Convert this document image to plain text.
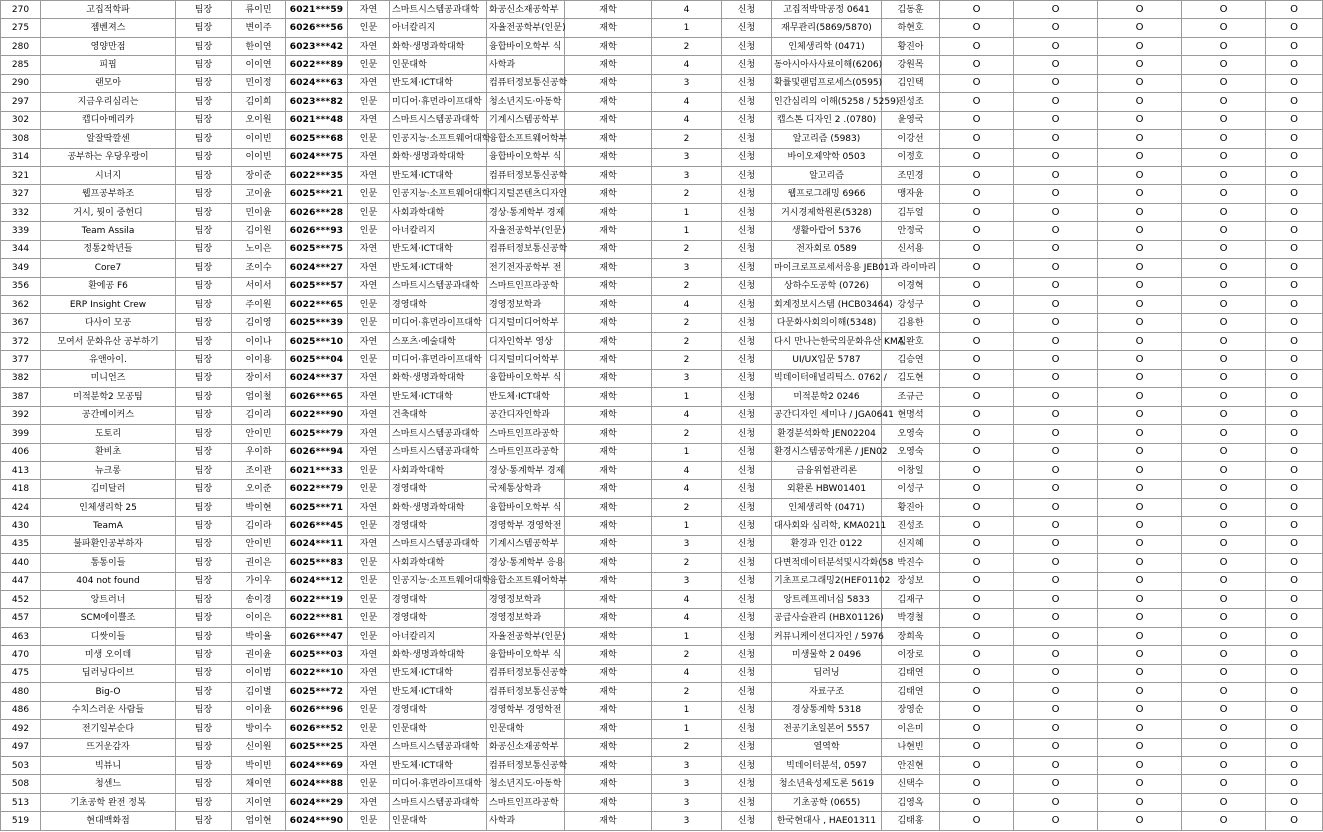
270	고집적학파	팀장	류이민	6021***59	자연	스마트시스템공과대학	화공신소재공학부	재학	4	신청	고집적박막공정 0641	김동훈	O	O	O	O	O
275	젬벤져스	팀장	변이주	6026***56	인문	아너칼리지	자율전공학부(인문)	재학	1	신청	재무관리(5869/5870)	하현호	O	O	O	O	O
280	영양만점	팀장	한이연	6023***42	자연	화학·생명과학대학	융합바이오학부 식	재학	2	신청	인체생리학 (0471)	황진아	O	O	O	O	O
285	피핍	팀장	이이연	6022***89	인문	인문대학	사학과	재학	4	신청	동아시아사사료이해(6206)	강원목	O	O	O	O	O
290	랜모아	팀장	민이정	6024***63	자연	반도체·ICT대학	컴퓨터정보통신공학	재학	3	신청	확률및랜덤프로세스(0595)	김인택	O	O	O	O	O
297	지금우리심리는	팀장	김이희	6023***82	인문	미디어·휴먼라이프대학	청소년지도·아동학	재학	4	신청	인간심리의 이해(5258 / 5259)	진성조	O	O	O	O	O
302	캡디아메리카	팀장	오이원	6021***48	자연	스마트시스템공과대학	기계시스템공학부	재학	4	신청	캡스톤 디자인 2 .(0780)	윤영국	O	O	O	O	O
308	알잘딱깔센	팀장	이이빈	6025***68	인문	인공지능·소프트웨어대학	융합소프트웨어학부	재학	2	신청	알고리즘 (5983)	이강선	O	O	O	O	O
314	공부하는 우당우랑이	팀장	이이빈	6024***75	자연	화학·생명과학대학	융합바이오학부 식	재학	3	신청	바이오제약학 0503	이정호	O	O	O	O	O
321	시너지	팀장	장이준	6022***35	자연	반도체·ICT대학	컴퓨터정보통신공학	재학	3	신청	알고리즘	조민경	O	O	O	O	O
327	웹프공부하조	팀장	고이윤	6025***21	인문	인공지능·소프트웨어대학	디지털콘텐츠디자인	재학	2	신청	웹프로그래밍 6966	맹자윤	O	O	O	O	O
332	거시, 뭣이 중헌디	팀장	민이윤	6026***28	인문	사회과학대학	경상·통계학부 경제	재학	1	신청	거시경제학원론(5328)	김두얼	O	O	O	O	O
339	Team Assila	팀장	김이원	6026***93	인문	아너칼리지	자율전공학부(인문)	재학	1	신청	생활아랍어 5376	안정국	O	O	O	O	O
344	정통2학년들	팀장	노이은	6025***75	자연	반도체·ICT대학	컴퓨터정보통신공학	재학	2	신청	전자회로 0589	신서용	O	O	O	O	O
349	Core7	팀장	조이수	6024***27	자연	반도체·ICT대학	전기전자공학부 전	재학	3	신청	마이크로프로세서응용 JEB01과 라이마리		O	O	O	O	O
356	환에공 F6	팀장	서이서	6025***57	자연	스마트시스템공과대학	스마트인프라공학	재학	2	신청	상하수도공학 (0726)	이경혁	O	O	O	O	O
362	ERP Insight Crew	팀장	주이원	6022***65	인문	경영대학	경영정보학과	재학	4	신청	회계정보시스템 (HCB03464)	강성구	O	O	O	O	O
367	다사이 모공	팀장	김이영	6025***39	인문	미디어·휴먼라이프대학	디지털미디어학부	재학	2	신청	다문화사회의이해(5348)	김용한	O	O	O	O	O
372	모여서 문화유산 공부하기	팀장	이이나	6025***10	자연	스포츠·예술대학	디자인학부 영상	재학	2	신청	다시 만나는한국의문화유산 KMA	김완호	O	O	O	O	O
377	유앤아이.	팀장	이이용	6025***04	인문	미디어·휴먼라이프대학	디지털미디어학부	재학	2	신청	UI/UX입문 5787	김승연	O	O	O	O	O
382	미니언즈	팀장	장이서	6024***37	자연	화학·생명과학대학	융합바이오학부 식	재학	3	신청	빅데이터애널리틱스. 0762 /	김도현	O	O	O	O	O
387	미적분학2 모공팀	팀장	엄이철	6026***65	자연	반도체·ICT대학	반도체·ICT대학	재학	1	신청	미적분학2 0246	조규근	O	O	O	O	O
392	공간메이커스	팀장	김이리	6022***90	자연	건축대학	공간디자인학과	재학	4	신청	공간디자인 세미나 / JGA0641	현명석	O	O	O	O	O
399	도토리	팀장	안이민	6025***79	자연	스마트시스템공과대학	스마트인프라공학	재학	2	신청	환경분석화학 JEN02204	오영숙	O	O	O	O	O
406	환비초	팀장	우이하	6026***94	자연	스마트시스템공과대학	스마트인프라공학	재학	1	신청	환경시스템공학개론 / JEN02	오영숙	O	O	O	O	O
413	뉴크롱	팀장	조이관	6021***33	인문	사회과학대학	경상·통계학부 경제	재학	4	신청	금융위험관리론	이창일	O	O	O	O	O
418	김미달러	팀장	오이준	6022***79	인문	경영대학	국제통상학과	재학	4	신청	외환론 HBW01401	이성구	O	O	O	O	O
424	인체생리학 25	팀장	박이현	6025***71	자연	화학·생명과학대학	융합바이오학부 식	재학	2	신청	인체생리학 (0471)	황진아	O	O	O	O	O
430	TeamA	팀장	김이라	6026***45	인문	경영대학	경영학부 경영학전	재학	1	신청	대사회와 심리학, KMA0211	진성조	O	O	O	O	O
435	불파환인공부하자	팀장	안이빈	6024***11	자연	스마트시스템공과대학	기계시스템공학부	재학	3	신청	환경과 인간 0122	신지혜	O	O	O	O	O
440	통통이들	팀장	권이은	6025***83	인문	사회과학대학	경상·통계학부 응용	재학	2	신청	다변적데이터분석및시각화(58	박진수	O	O	O	O	O
447	404 not found	팀장	가이우	6024***12	인문	인공지능·소프트웨어대학	융합소프트웨어학부	재학	3	신청	기초프로그래밍2(HEF01102	장성보	O	O	O	O	O
452	앙트러너	팀장	송이경	6022***19	인문	경영대학	경영정보학과	재학	4	신청	앙트레프레너십 5833	김재구	O	O	O	O	O
457	SCM에이쁠조	팀장	이이은	6022***81	인문	경영대학	경영정보학과	재학	4	신청	공급사슬관리 (HBX01126)	박경철	O	O	O	O	O
463	디쌋이들	팀장	박이율	6026***47	인문	아너칼리지	자율전공학부(인문)	재학	1	신청	커뮤니케이션디자인 / 5976	장희욱	O	O	O	O	O
470	미생 오이데	팀장	권이윤	6025***03	자연	화학·생명과학대학	융합바이오학부 식	재학	2	신청	미생물학 2 0496	이장로	O	O	O	O	O
475	딥러닝다이브	팀장	이이범	6022***10	자연	반도체·ICT대학	컴퓨터정보통신공학	재학	4	신청	딥러닝	김태연	O	O	O	O	O
480	Big-O	팀장	김이별	6025***72	자연	반도체·ICT대학	컴퓨터정보통신공학	재학	2	신청	자료구조	김태연	O	O	O	O	O
486	수치스러운 사람들	팀장	이이윤	6026***96	인문	경영대학	경영학부 경영학전	재학	1	신청	경상통계학 5318	장영순	O	O	O	O	O
492	전기일부순다	팀장	방이수	6026***52	인문	인문대학	인문대학	재학	1	신청	전공기초일본어 5557	이은미	O	O	O	O	O
497	뜨거운감자	팀장	신이원	6025***25	자연	스마트시스템공과대학	화공신소재공학부	재학	2	신청	열역학	나현빈	O	O	O	O	O
503	빅뷰니	팀장	박이빈	6024***69	자연	반도체·ICT대학	컴퓨터정보통신공학	재학	3	신청	빅데이터분석, 0597	안진현	O	O	O	O	O
508	청센느	팀장	채이연	6024***88	인문	미디어·휴먼라이프대학	청소년지도·아동학	재학	3	신청	청소년육성제도론 5619	신택수	O	O	O	O	O
513	기초공학 완전 정복	팀장	지이연	6024***29	자연	스마트시스템공과대학	스마트인프라공학	재학	3	신청	기초공학 (0655)	김영옥	O	O	O	O	O
519	현대백화점	팀장	엄이현	6024***90	인문	인문대학	사학과	재학	3	신청	한국현대사 , HAE01311	김태홍	O	O	O	O	O
